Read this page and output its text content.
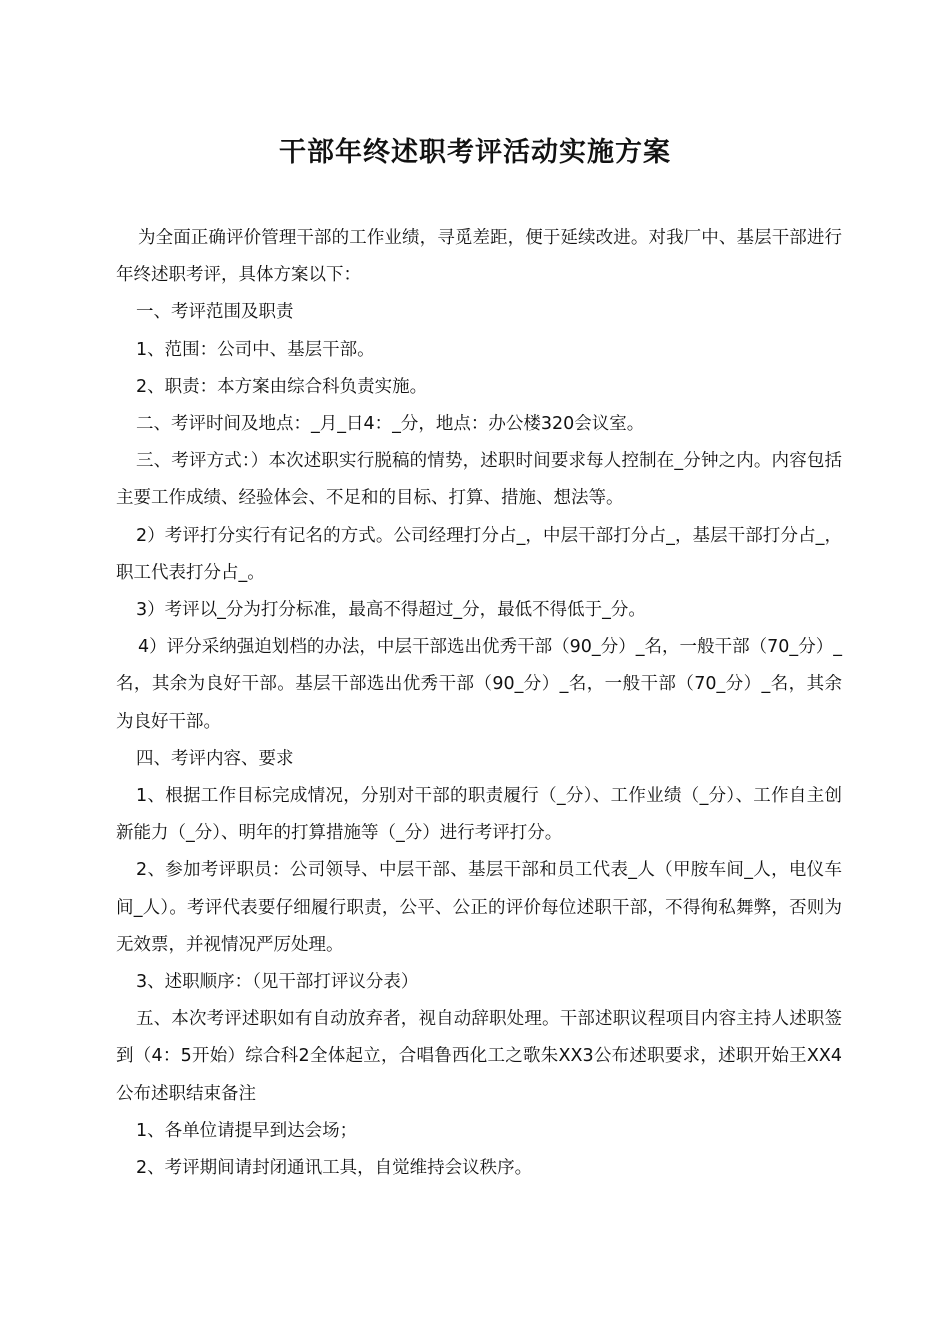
干部年终述职考评活动实施方案

为全面正确评价管理干部的工作业绩，寻觅差距，便于延续改进。对我厂中、基层干部进行年终述职考评，具体方案以下：

一、考评范围及职责

1、范围：公司中、基层干部。

2、职责：本方案由综合科负责实施。

二、考评时间及地点：_月_日4：_分，地点：办公楼320会议室。

三、考评方式：）本次述职实行脱稿的情势，述职时间要求每人控制在_分钟之内。内容包括主要工作成绩、经验体会、不足和的目标、打算、措施、想法等。

2）考评打分实行有记名的方式。公司经理打分占_，中层干部打分占_，基层干部打分占_，职工代表打分占_。

3）考评以_分为打分标准，最高不得超过_分，最低不得低于_分。

4）评分采纳强迫划档的办法，中层干部选出优秀干部（90_分）_名，一般干部（70_分）_名，其余为良好干部。基层干部选出优秀干部（90_分）_名，一般干部（70_分）_名，其余为良好干部。

四、考评内容、要求

1、根据工作目标完成情况，分别对干部的职责履行（_分）、工作业绩（_分）、工作自主创新能力（_分）、明年的打算措施等（_分）进行考评打分。

2、参加考评职员：公司领导、中层干部、基层干部和员工代表_人（甲胺车间_人，电仪车间_人）。考评代表要仔细履行职责，公平、公正的评价每位述职干部，不得徇私舞弊，否则为无效票，并视情况严厉处理。

3、述职顺序：（见干部打评议分表）

五、本次考评述职如有自动放弃者，视自动辞职处理。干部述职议程项目内容主持人述职签到（4：5开始）综合科2全体起立，合唱鲁西化工之歌朱XX3公布述职要求，述职开始王XX4公布述职结束备注

1、各单位请提早到达会场；

2、考评期间请封闭通讯工具，自觉维持会议秩序。
